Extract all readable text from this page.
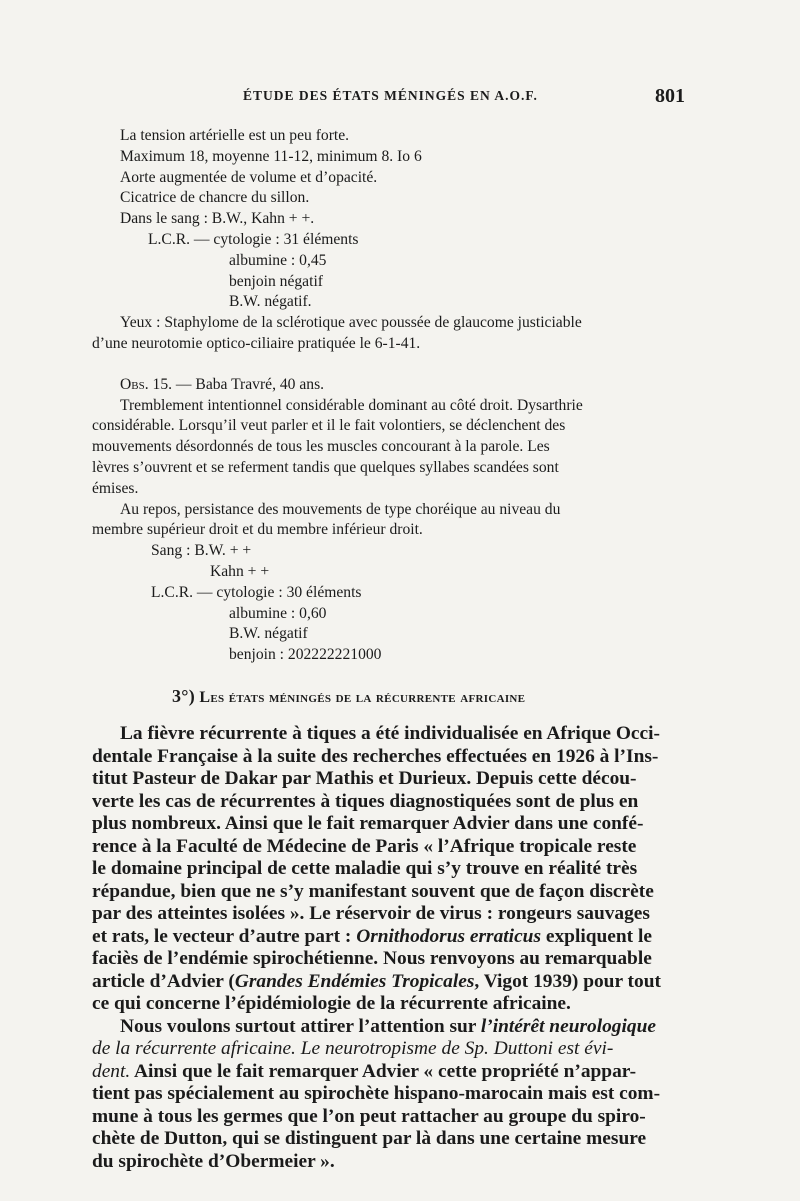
ÉTUDE DES ÉTATS MÉNINGÉS EN A.O.F.	801

La tension artérielle est un peu forte.

Maximum 18, moyenne 11-12, minimum 8. Io 6

Aorte augmentée de volume et d’opacité.

Cicatrice de chancre du sillon.

Dans le sang : B.W., Kahn + +.

L.C.R. — cytologie : 31 éléments

albumine : 0,45

benjoin négatif

B.W. négatif.

Yeux : Staphylome de la sclérotique avec poussée de glaucome justiciable

d’une neurotomie optico-ciliaire pratiquée le 6-1-41.

Obs. 15. — Baba Travré, 40 ans.

Tremblement intentionnel considérable dominant au côté droit. Dysarthrie

considérable. Lorsqu’il veut parler et il le fait volontiers, se déclenchent des

mouvements désordonnés de tous les muscles concourant à la parole. Les

lèvres s’ouvrent et se referment tandis que quelques syllabes scandées sont

émises.

Au repos, persistance des mouvements de type choréique au niveau du

membre supérieur droit et du membre inférieur droit.

Sang : B.W. + +

Kahn + +

L.C.R. — cytologie : 30 éléments

albumine : 0,60

B.W. négatif

benjoin : 202222221000

3°) Les états méningés de la récurrente africaine

La fièvre récurrente à tiques a été individualisée en Afrique Occi-

dentale Française à la suite des recherches effectuées en 1926 à l’Ins-

titut Pasteur de Dakar par Mathis et Durieux. Depuis cette décou-

verte les cas de récurrentes à tiques diagnostiquées sont de plus en

plus nombreux. Ainsi que le fait remarquer Advier dans une confé-

rence à la Faculté de Médecine de Paris « l’Afrique tropicale reste

le domaine principal de cette maladie qui s’y trouve en réalité très

répandue, bien que ne s’y manifestant souvent que de façon discrète

par des atteintes isolées ». Le réservoir de virus : rongeurs sauvages

et rats, le vecteur d’autre part : Ornithodorus erraticus expliquent le

faciès de l’endémie spirochétienne. Nous renvoyons au remarquable

article d’Advier (Grandes Endémies Tropicales, Vigot 1939) pour tout

ce qui concerne l’épidémiologie de la récurrente africaine.

Nous voulons surtout attirer l’attention sur l’intérêt neurologique

de la récurrente africaine. Le neurotropisme de Sp. Duttoni est évi-

dent. Ainsi que le fait remarquer Advier « cette propriété n’appar-

tient pas spécialement au spirochète hispano-marocain mais est com-

mune à tous les germes que l’on peut rattacher au groupe du spiro-

chète de Dutton, qui se distinguent par là dans une certaine mesure

du spirochète d’Obermeier ».
